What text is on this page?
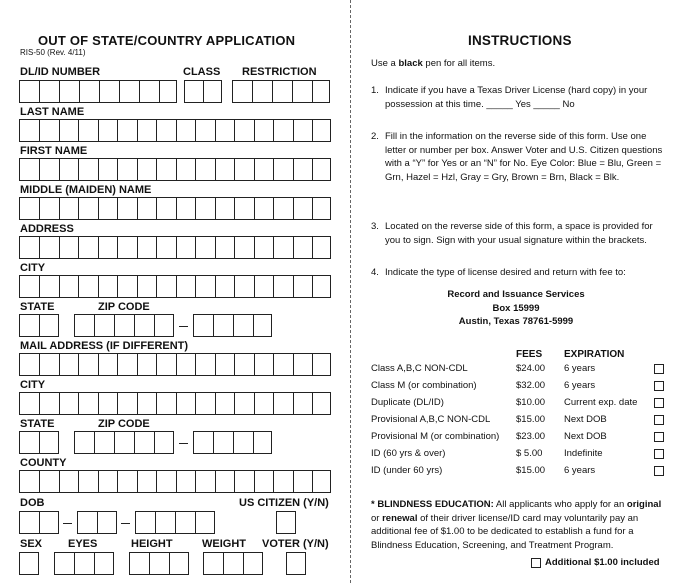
OUT OF STATE/COUNTRY APPLICATION
RIS-50 (Rev. 4/11)
DL/ID NUMBER	CLASS RESTRICTION
LAST NAME
FIRST NAME
MIDDLE (MAIDEN) NAME
ADDRESS
CITY
STATE	ZIP CODE
MAIL ADDRESS (IF DIFFERENT)
CITY
STATE	ZIP CODE
COUNTY
DOB	US CITIZEN (Y/N)
SEX EYES	HEIGHT	WEIGHT VOTER (Y/N)
INSTRUCTIONS
Use a black pen for all items.
1. Indicate if you have a Texas Driver License (hard copy) in your possession at this time. _____ Yes _____ No
2. Fill in the information on the reverse side of this form. Use one letter or number per box. Answer Voter and U.S. Citizen questions with a “Y” for Yes or an “N” for No. Eye Color: Blue = Blu, Green = Grn, Hazel = Hzl, Gray = Gry, Brown = Brn, Black = Blk.
3. Located on the reverse side of this form, a space is provided for you to sign. Sign with your usual signature within the brackets.
4. Indicate the type of license desired and return with fee to:
Record and Issuance Services
Box 15999
Austin, Texas 78761-5999
FEES EXPIRATION
Class A,B,C NON-CDL	$24.00 6 years
Class M (or combination)	$32.00 6 years
Duplicate (DL/ID)	$10.00 Current exp. date
Provisional A,B,C NON-CDL	$15.00 Next DOB
Provisional M (or combination) $23.00 Next DOB
ID (60 yrs & over)	$ 5.00 Indefinite
ID (under 60 yrs)	$15.00 6 years
* BLINDNESS EDUCATION: All applicants who apply for an original or renewal of their driver license/ID card may voluntarily pay an additional fee of $1.00 to be dedicated to establish a fund for a Blindness Education, Screening, and Treatment Program.
Additional $1.00 included
